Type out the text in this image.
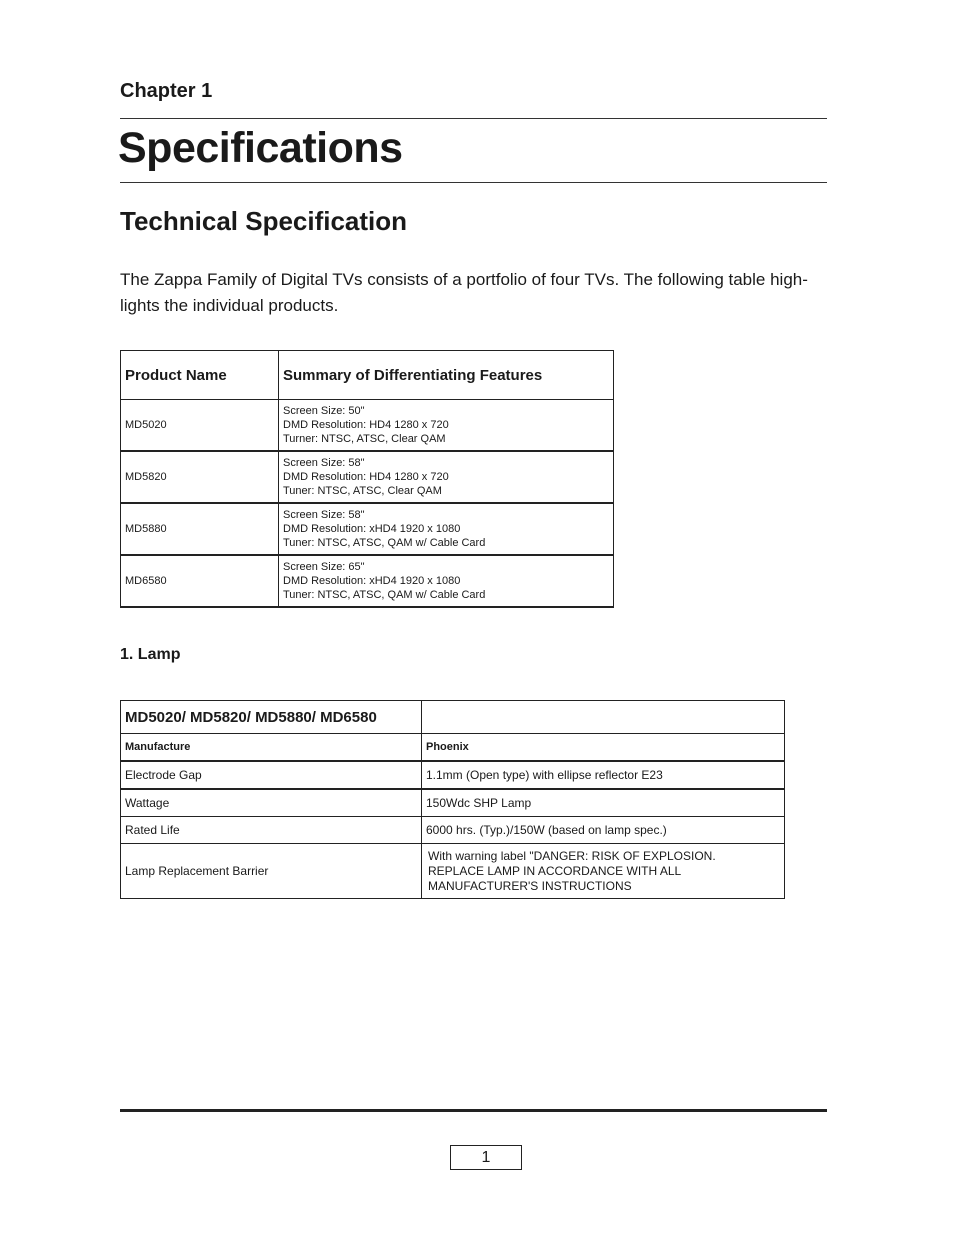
Chapter 1
Specifications
Technical Specification
The Zappa Family of Digital TVs consists of a portfolio of four TVs. The following table high-
lights the individual products.
Product Name	Summary of Differentiating Features
MD5020	Screen Size: 50"
DMD Resolution: HD4 1280 x 720
Turner: NTSC, ATSC, Clear QAM

MD5820	Screen Size: 58"
DMD Resolution: HD4 1280 x 720
Tuner: NTSC, ATSC, Clear QAM

MD5880	Screen Size: 58"
DMD Resolution: xHD4 1920 x 1080
Tuner: NTSC, ATSC, QAM w/ Cable Card

MD6580	Screen Size: 65"
DMD Resolution: xHD4 1920 x 1080
Tuner: NTSC, ATSC, QAM w/ Cable Card
1. Lamp
MD5020/ MD5820/ MD5880/ MD6580	
Manufacture	Phoenix
Electrode Gap	1.1mm (Open type) with ellipse reflector E23
Wattage	150Wdc SHP Lamp
Rated Life	6000 hrs. (Typ.)/150W (based on lamp spec.)
Lamp Replacement Barrier	With warning label "DANGER: RISK OF EXPLOSION.
REPLACE LAMP IN ACCORDANCE WITH ALL
MANUFACTURER'S INSTRUCTIONS
1
